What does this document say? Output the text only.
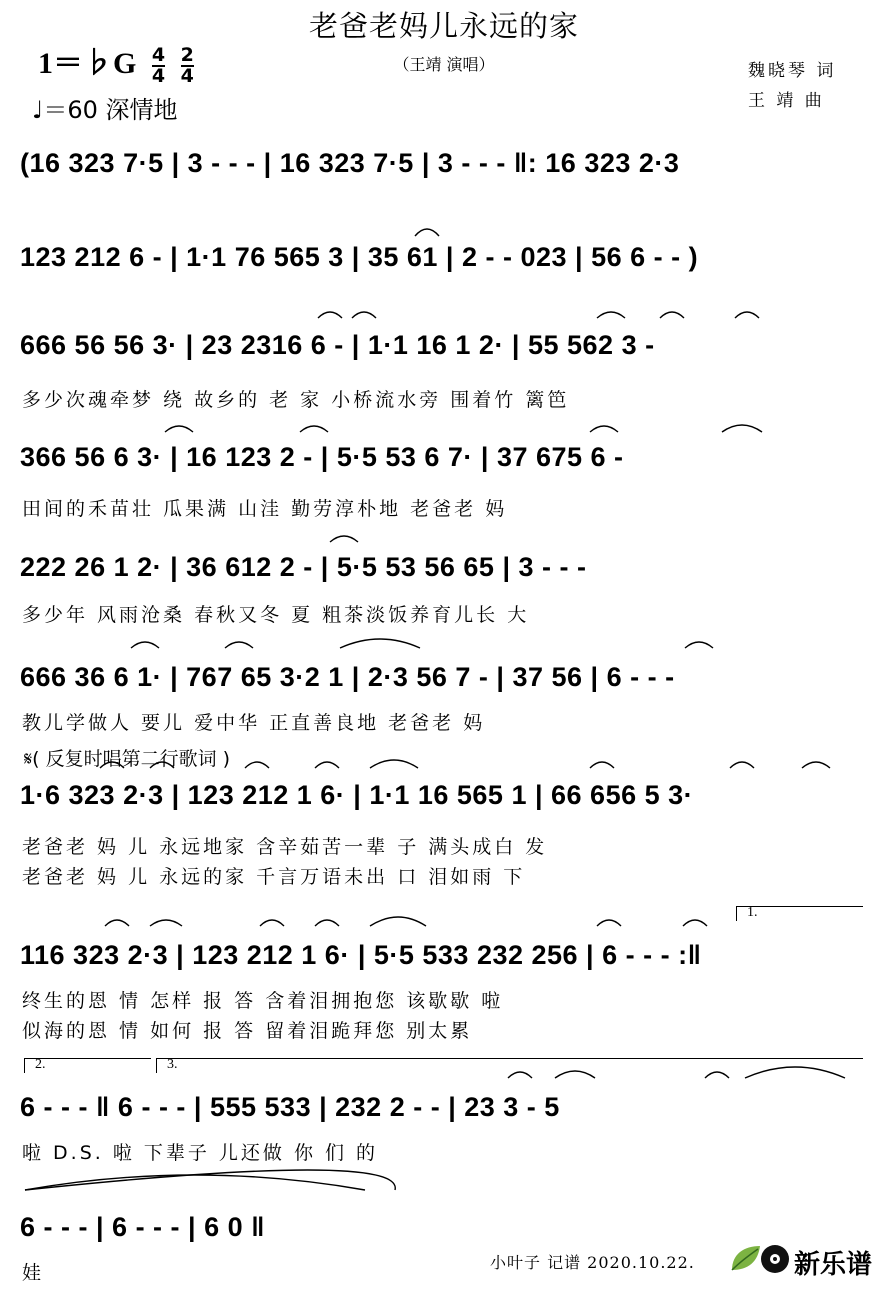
老爸老妈儿永远的家
（王靖 演唱）	魏晓琴 词
王 靖 曲
1＝♭G $\frac{4}{4}$
$\frac{2}{4}$
♩＝60 深情地
(16 323 7·5 | 3 - - - | 16 323 7·5 | 3 - - - ‖: 16 323 2·3
123 212 6 - | 1·1 76 565 3 | 35 61 | 2 - - 023 | 56 6 - - )
666 56 56 3· | 23 2316 6 - | 1·1 16 1 2· | 55 562 3 -
多少次魂牵梦 绕 故乡的 老 家 小桥流水旁 围着竹 篱笆
366 56 6 3· | 16 123 2 - | 5·5 53 6 7· | 37 675 6 -
田间的禾苗壮 瓜果满 山洼 勤劳淳朴地 老爸老 妈
222 26 1 2· | 36 612 2 - | 5·5 53 56 65 | 3 - - -
多少年 风雨沧桑 春秋又冬 夏 粗茶淡饭养育儿长 大
666 36 6 1· | 767 65 3·2 1 | 2·3 56 7 - | 37 56 | 6 - - -
教儿学做人 要儿 爱中华 正直善良地 老爸老 妈
𝄋( 反复时唱第二行歌词 )
1·6 323 2·3 | 123 212 1 6· | 1·1 16 565 1 | 66 656 5 3·
老爸老 妈 儿 永远地家 含辛茹苦一辈 子 满头成白 发
老爸老 妈 儿 永远的家 千言万语未出 口 泪如雨 下
1.
116 323 2·3 | 123 212 1 6· | 5·5 533 232 256 | 6 - - - :‖
终生的恩 情 怎样 报 答 含着泪拥抱您 该歇歇 啦
似海的恩 情 如何 报 答 留着泪跪拜您 别太累
2.	3.
6 - - - ‖ 6 - - - | 555 533 | 232 2 - - | 23 3 - 5
啦 D.S. 啦 下辈子 儿还做 你 们 的
6 - - - | 6 - - - | 6 0 ‖
娃	小叶子 记谱 2020.10.22.	新乐谱
